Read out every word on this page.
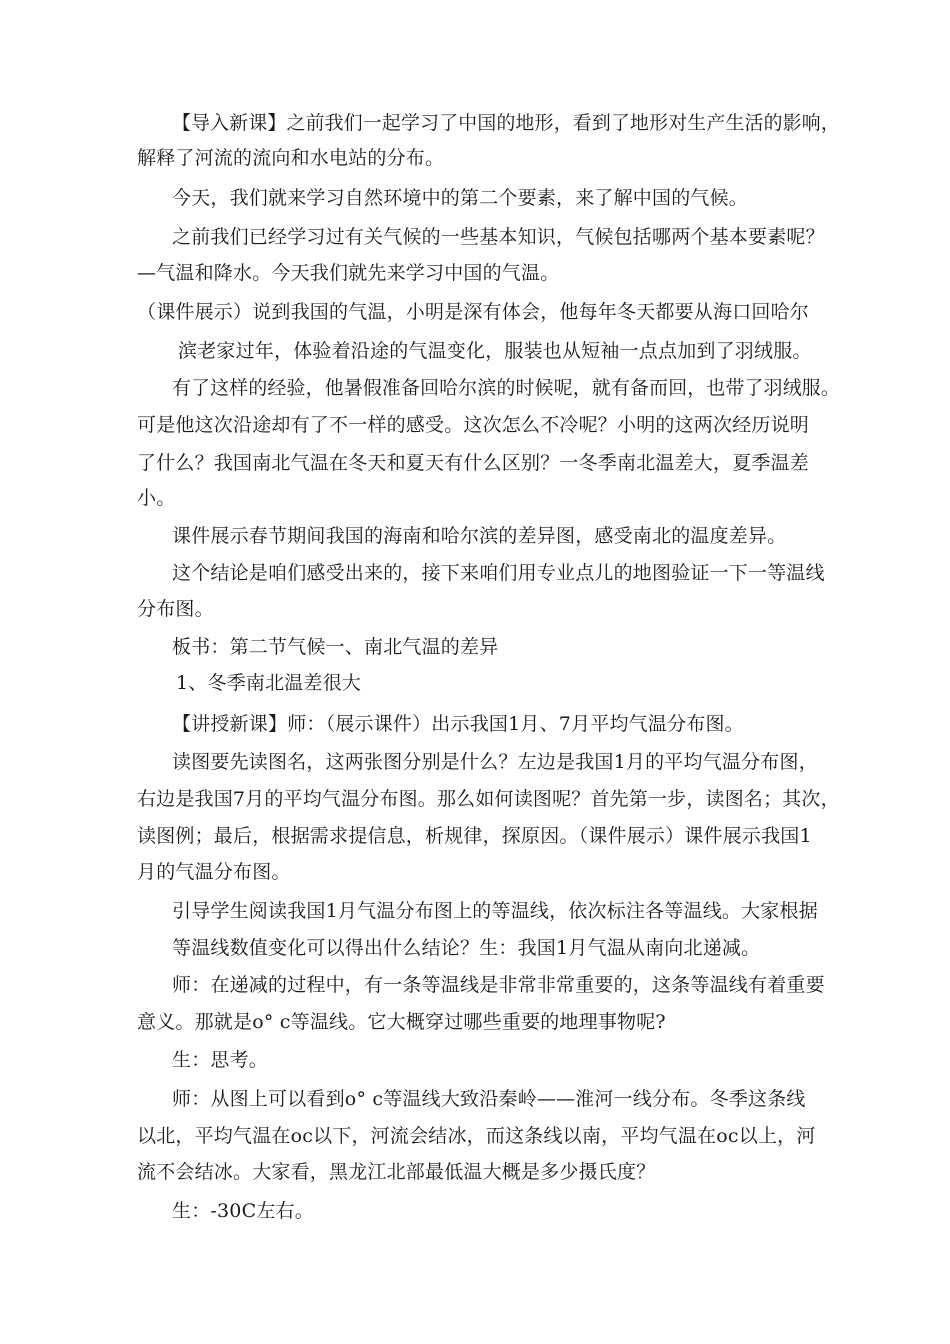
【导入新课】之前我们一起学习了中国的地形，看到了地形对生产生活的影响，
解释了河流的流向和水电站的分布。
今天，我们就来学习自然环境中的第二个要素，来了解中国的气候。
之前我们已经学习过有关气候的一些基本知识，气候包括哪两个基本要素呢？
—气温和降水。今天我们就先来学习中国的气温。
（课件展示）说到我国的气温，小明是深有体会，他每年冬天都要从海口回哈尔
滨老家过年，体验着沿途的气温变化，服装也从短袖一点点加到了羽绒服。
有了这样的经验，他暑假准备回哈尔滨的时候呢，就有备而回，也带了羽绒服。
可是他这次沿途却有了不一样的感受。这次怎么不冷呢？小明的这两次经历说明
了什么？我国南北气温在冬天和夏天有什么区别？一冬季南北温差大，夏季温差
小。
课件展示春节期间我国的海南和哈尔滨的差异图，感受南北的温度差异。
这个结论是咱们感受出来的，接下来咱们用专业点儿的地图验证一下一等温线
分布图。
板书：第二节气候一、南北气温的差异
1、冬季南北温差很大
【讲授新课】师：（展示课件）出示我国1月、7月平均气温分布图。
读图要先读图名，这两张图分别是什么？左边是我国1月的平均气温分布图，
右边是我国7月的平均气温分布图。那么如何读图呢？首先第一步，读图名；其次，
读图例；最后，根据需求提信息，析规律，探原因。（课件展示）课件展示我国1
月的气温分布图。
引导学生阅读我国1月气温分布图上的等温线，依次标注各等温线。大家根据
等温线数值变化可以得出什么结论？生：我国1月气温从南向北递减。
师：在递减的过程中，有一条等温线是非常非常重要的，这条等温线有着重要
意义。那就是o° c等温线。它大概穿过哪些重要的地理事物呢?
生：思考。
师：从图上可以看到o° c等温线大致沿秦岭——淮河一线分布。冬季这条线
以北，平均气温在oc以下，河流会结冰，而这条线以南，平均气温在oc以上，河
流不会结冰。大家看，黑龙江北部最低温大概是多少摄氏度？
生：-30C左右。
